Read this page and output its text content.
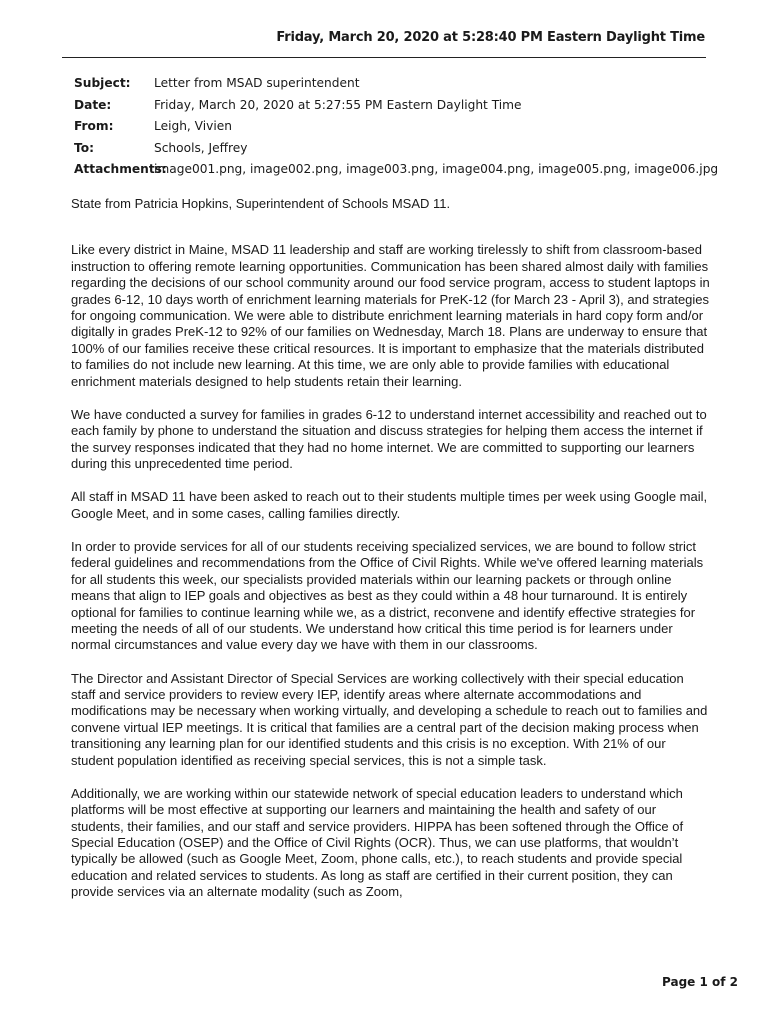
Friday, March 20, 2020 at 5:28:40 PM Eastern Daylight Time
Subject:	Letter from MSAD superintendent
Date:	Friday, March 20, 2020 at 5:27:55 PM Eastern Daylight Time
From:	Leigh, Vivien
To:	Schools, Jeffrey
Attachments:
image001.png, image002.png, image003.png, image004.png, image005.png, image006.jpg

State from Patricia Hopkins, Superintendent of Schools MSAD 11.

Like every district in Maine, MSAD 11 leadership and staff are working tirelessly to shift from classroom-based instruction to offering remote learning opportunities. Communication has been shared almost daily with families regarding the decisions of our school community around our food service program, access to student laptops in grades 6-12, 10 days worth of enrichment learning materials for PreK-12 (for March 23 - April 3), and strategies for ongoing communication. We were able to distribute enrichment learning materials in hard copy form and/or digitally in grades PreK-12 to 92% of our families on Wednesday, March 18. Plans are underway to ensure that 100% of our families receive these critical resources. It is important to emphasize that the materials distributed to families do not include new learning. At this time, we are only able to provide families with educational enrichment materials designed to help students retain their learning.

We have conducted a survey for families in grades 6-12 to understand internet accessibility and reached out to each family by phone to understand the situation and discuss strategies for helping them access the internet if the survey responses indicated that they had no home internet. We are committed to supporting our learners during this unprecedented time period.

All staff in MSAD 11 have been asked to reach out to their students multiple times per week using Google mail, Google Meet, and in some cases, calling families directly.

In order to provide services for all of our students receiving specialized services, we are bound to follow strict federal guidelines and recommendations from the Office of Civil Rights. While we've offered learning materials for all students this week, our specialists provided materials within our learning packets or through online means that align to IEP goals and objectives as best as they could within a 48 hour turnaround. It is entirely optional for families to continue learning while we, as a district, reconvene and identify effective strategies for meeting the needs of all of our students. We understand how critical this time period is for learners under normal circumstances and value every day we have with them in our classrooms.

The Director and Assistant Director of Special Services are working collectively with their special education staff and service providers to review every IEP, identify areas where alternate accommodations and modifications may be necessary when working virtually, and developing a schedule to reach out to families and convene virtual IEP meetings. It is critical that families are a central part of the decision making process when transitioning any learning plan for our identified students and this crisis is no exception. With 21% of our student population identified as receiving special services, this is not a simple task.

Additionally, we are working within our statewide network of special education leaders to understand which platforms will be most effective at supporting our learners and maintaining the health and safety of our students, their families, and our staff and service providers. HIPPA has been softened through the Office of Special Education (OSEP) and the Office of Civil Rights (OCR). Thus, we can use platforms, that wouldn’t typically be allowed (such as Google Meet, Zoom, phone calls, etc.), to reach students and provide special education and related services to students. As long as staff are certified in their current position, they can provide services via an alternate modality (such as Zoom,

Page 1 of 2
